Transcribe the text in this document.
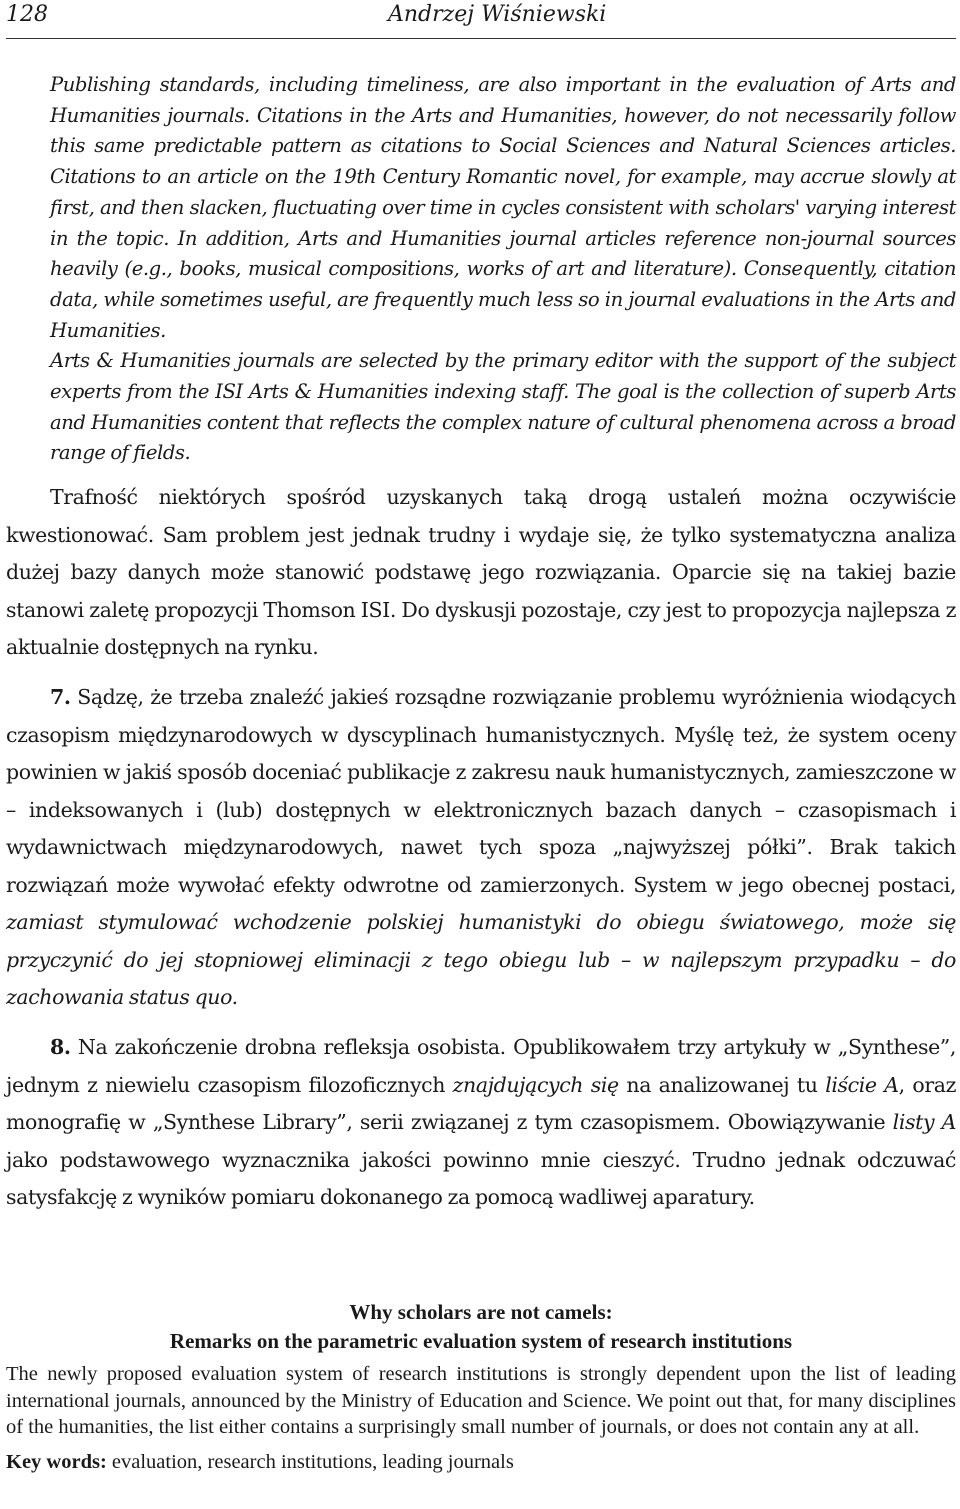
128	Andrzej Wiśniewski

Publishing standards, including timeliness, are also important in the evaluation of Arts and Humanities journals. Citations in the Arts and Humanities, however, do not necessarily follow this same predictable pattern as citations to Social Sciences and Natural Sciences articles. Citations to an article on the 19th Century Romantic novel, for example, may accrue slowly at first, and then slacken, fluctuating over time in cycles consistent with scholars' varying interest in the topic. In addition, Arts and Humanities journal articles reference non-journal sources heavily (e.g., books, musical compositions, works of art and literature). Consequently, citation data, while sometimes useful, are frequently much less so in journal evaluations in the Arts and Humanities.

Arts & Humanities journals are selected by the primary editor with the support of the subject experts from the ISI Arts & Humanities indexing staff. The goal is the collection of superb Arts and Humanities content that reflects the complex nature of cultural phenomena across a broad range of fields.

Trafność niektórych spośród uzyskanych taką drogą ustaleń można oczywiście kwestionować. Sam problem jest jednak trudny i wydaje się, że tylko systematyczna analiza dużej bazy danych może stanowić podstawę jego rozwiązania. Oparcie się na takiej bazie stanowi zaletę propozycji Thomson ISI. Do dyskusji pozostaje, czy jest to propozycja najlepsza z aktualnie dostępnych na rynku.

7. Sądzę, że trzeba znaleźć jakieś rozsądne rozwiązanie problemu wyróżnienia wiodących czasopism międzynarodowych w dyscyplinach humanistycznych. Myślę też, że system oceny powinien w jakiś sposób doceniać publikacje z zakresu nauk humanistycznych, zamieszczone w – indeksowanych i (lub) dostępnych w elektronicznych bazach danych – czasopismach i wydawnictwach międzynarodowych, nawet tych spoza „najwyższej półki”. Brak takich rozwiązań może wywołać efekty odwrotne od zamierzonych. System w jego obecnej postaci, zamiast stymulować wchodzenie polskiej humanistyki do obiegu światowego, może się przyczynić do jej stopniowej eliminacji z tego obiegu lub – w najlepszym przypadku – do zachowania status quo.

8. Na zakończenie drobna refleksja osobista. Opublikowałem trzy artykuły w „Synthese”, jednym z niewielu czasopism filozoficznych znajdujących się na analizowanej tu liście A, oraz monografię w „Synthese Library”, serii związanej z tym czasopismem. Obowiązywanie listy A jako podstawowego wyznacznika jakości powinno mnie cieszyć. Trudno jednak odczuwać satysfakcję z wyników pomiaru dokonanego za pomocą wadliwej aparatury.

Why scholars are not camels:

Remarks on the parametric evaluation system of research institutions

The newly proposed evaluation system of research institutions is strongly dependent upon the list of leading international journals, announced by the Ministry of Education and Science. We point out that, for many disciplines of the humanities, the list either contains a surprisingly small number of journals, or does not contain any at all.

Key words: evaluation, research institutions, leading journals
